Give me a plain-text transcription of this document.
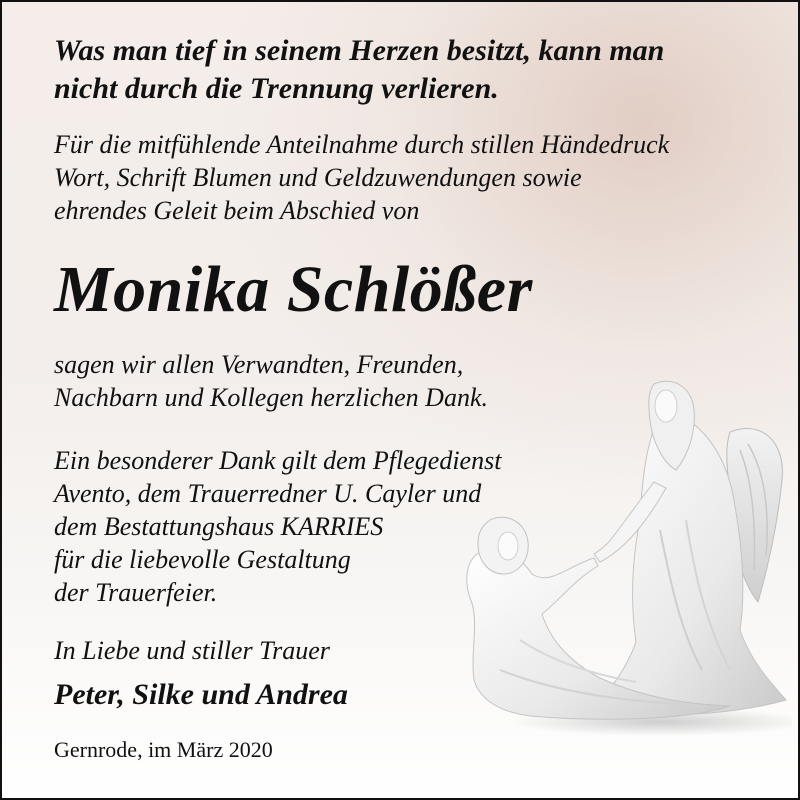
Was man tief in seinem Herzen besitzt, kann man
nicht durch die Trennung verlieren.
Für die mitfühlende Anteilnahme durch stillen Händedruck
Wort, Schrift Blumen und Geldzuwendungen sowie
ehrendes Geleit beim Abschied von
Monika Schlößer
sagen wir allen Verwandten, Freunden,
Nachbarn und Kollegen herzlichen Dank.
Ein besonderer Dank gilt dem Pflegedienst
Avento, dem Trauerredner U. Cayler und
dem Bestattungshaus KARRIES
für die liebevolle Gestaltung
der Trauerfeier.
In Liebe und stiller Trauer
Peter, Silke und Andrea
Gernrode, im März 2020
